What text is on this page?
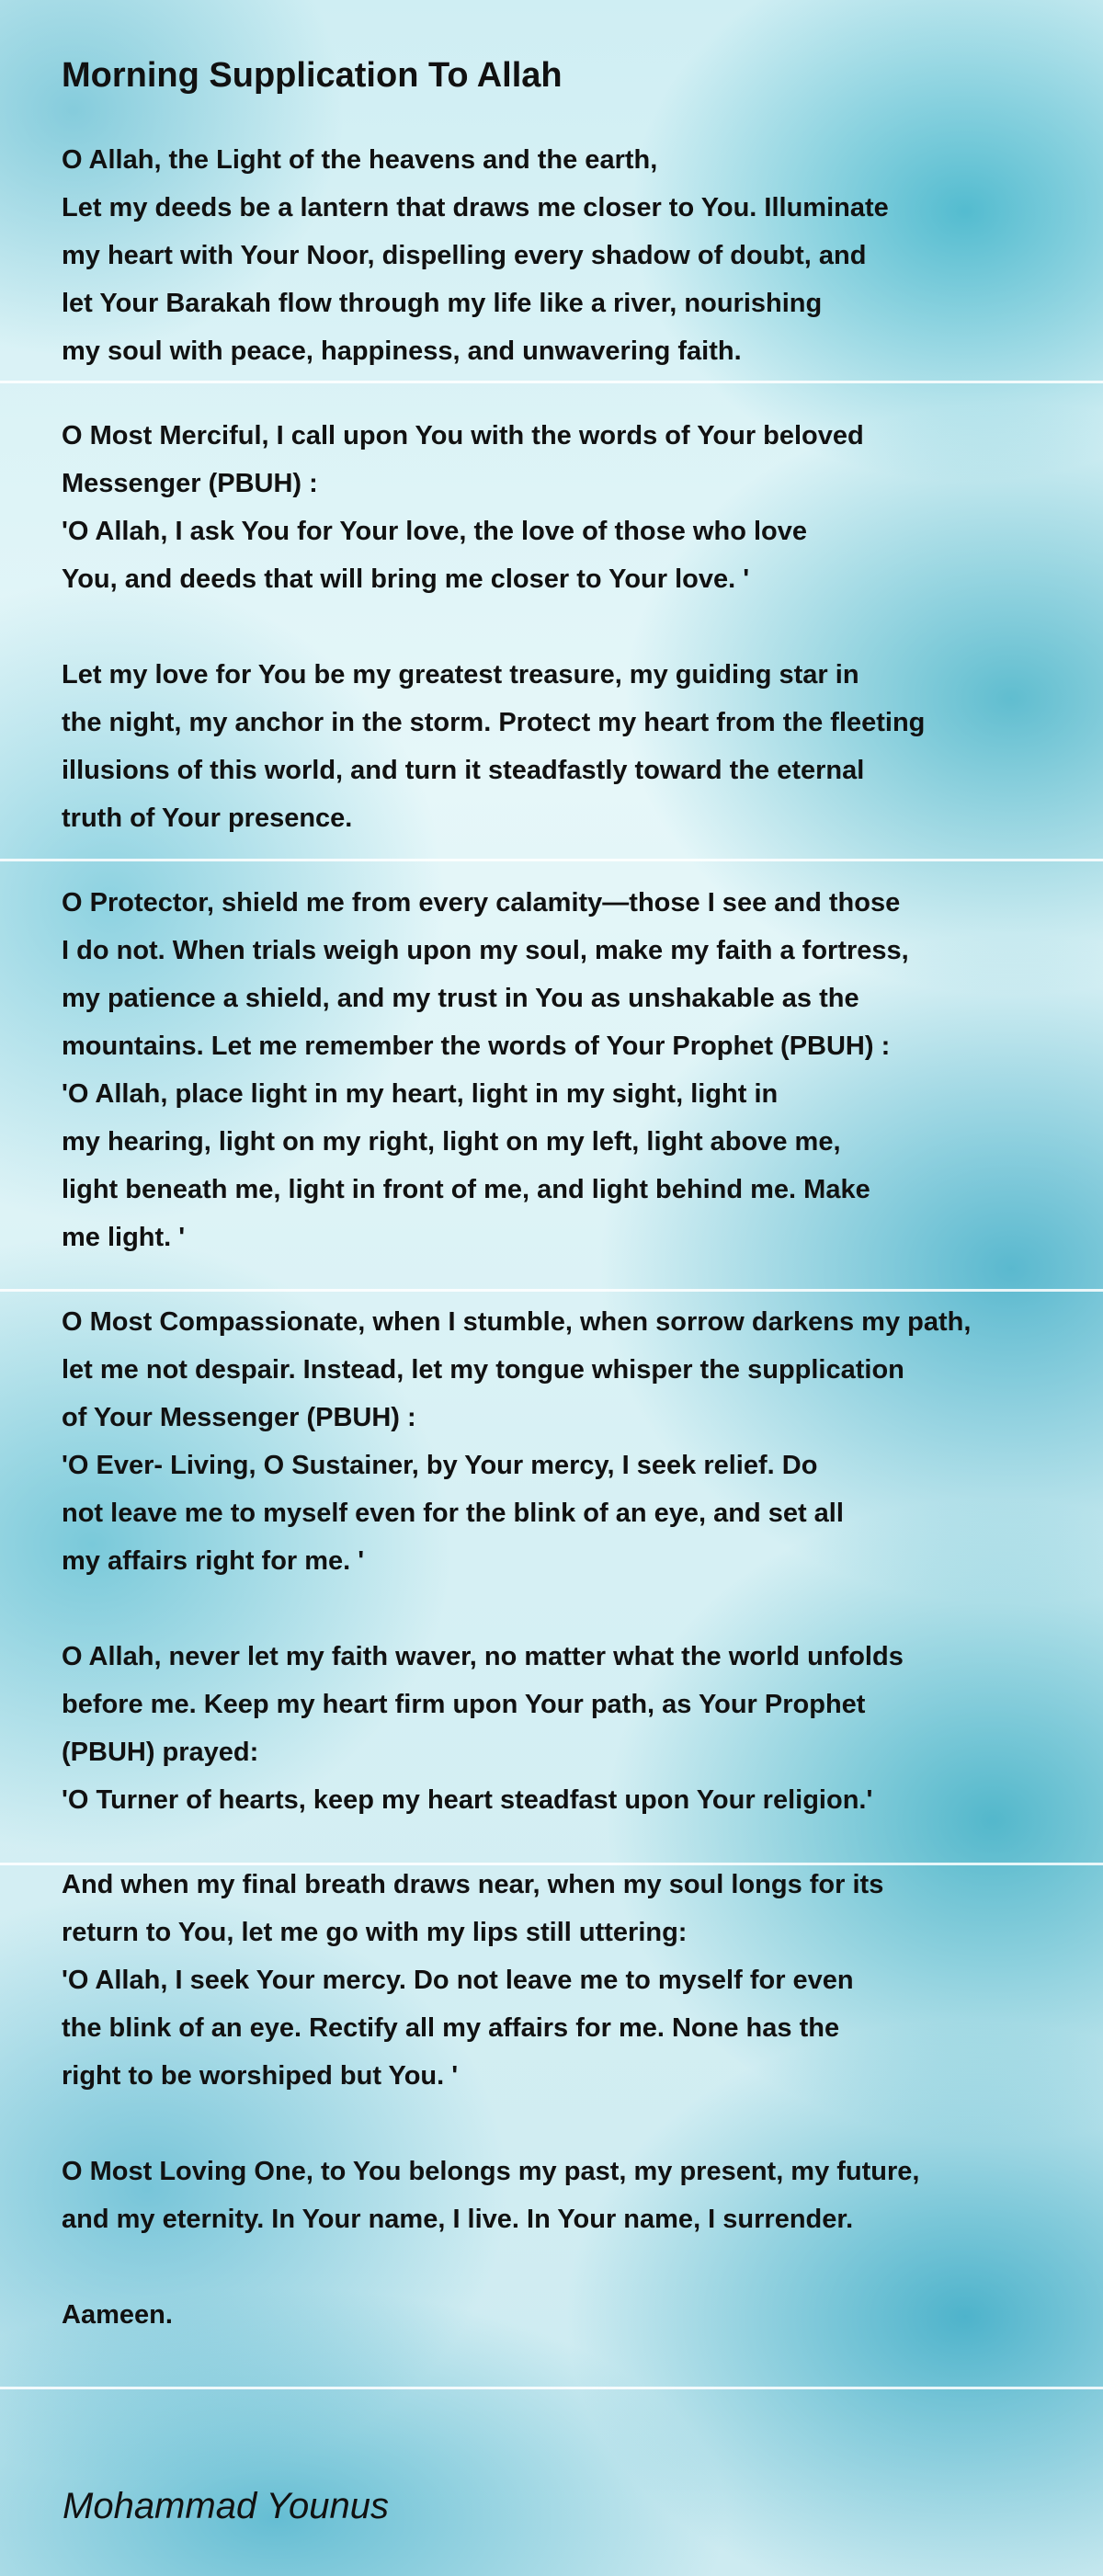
Morning Supplication To Allah
O Allah, the Light of the heavens and the earth,
Let my deeds be a lantern that draws me closer to You. Illuminate
my heart with Your Noor, dispelling every shadow of doubt, and
let Your Barakah flow through my life like a river, nourishing
my soul with peace, happiness, and unwavering faith.
O Most Merciful, I call upon You with the words of Your beloved
Messenger (PBUH) :
'O Allah, I ask You for Your love, the love of those who love
You, and deeds that will bring me closer to Your love. '
Let my love for You be my greatest treasure, my guiding star in
the night, my anchor in the storm. Protect my heart from the fleeting
illusions of this world, and turn it steadfastly toward the eternal
truth of Your presence.
O Protector, shield me from every calamity—those I see and those
I do not. When trials weigh upon my soul, make my faith a fortress,
my patience a shield, and my trust in You as unshakable as the
mountains. Let me remember the words of Your Prophet (PBUH) :
'O Allah, place light in my heart, light in my sight, light in
my hearing, light on my right, light on my left, light above me,
light beneath me, light in front of me, and light behind me. Make
me light. '
O Most Compassionate, when I stumble, when sorrow darkens my path,
let me not despair. Instead, let my tongue whisper the supplication
of Your Messenger (PBUH) :
'O Ever- Living, O Sustainer, by Your mercy, I seek relief. Do
not leave me to myself even for the blink of an eye, and set all
my affairs right for me. '
O Allah, never let my faith waver, no matter what the world unfolds
before me. Keep my heart firm upon Your path, as Your Prophet
(PBUH) prayed:
'O Turner of hearts, keep my heart steadfast upon Your religion.'
And when my final breath draws near, when my soul longs for its
return to You, let me go with my lips still uttering:
'O Allah, I seek Your mercy. Do not leave me to myself for even
the blink of an eye. Rectify all my affairs for me. None has the
right to be worshiped but You. '
O Most Loving One, to You belongs my past, my present, my future,
and my eternity. In Your name, I live. In Your name, I surrender.
Aameen.
Mohammad Younus
